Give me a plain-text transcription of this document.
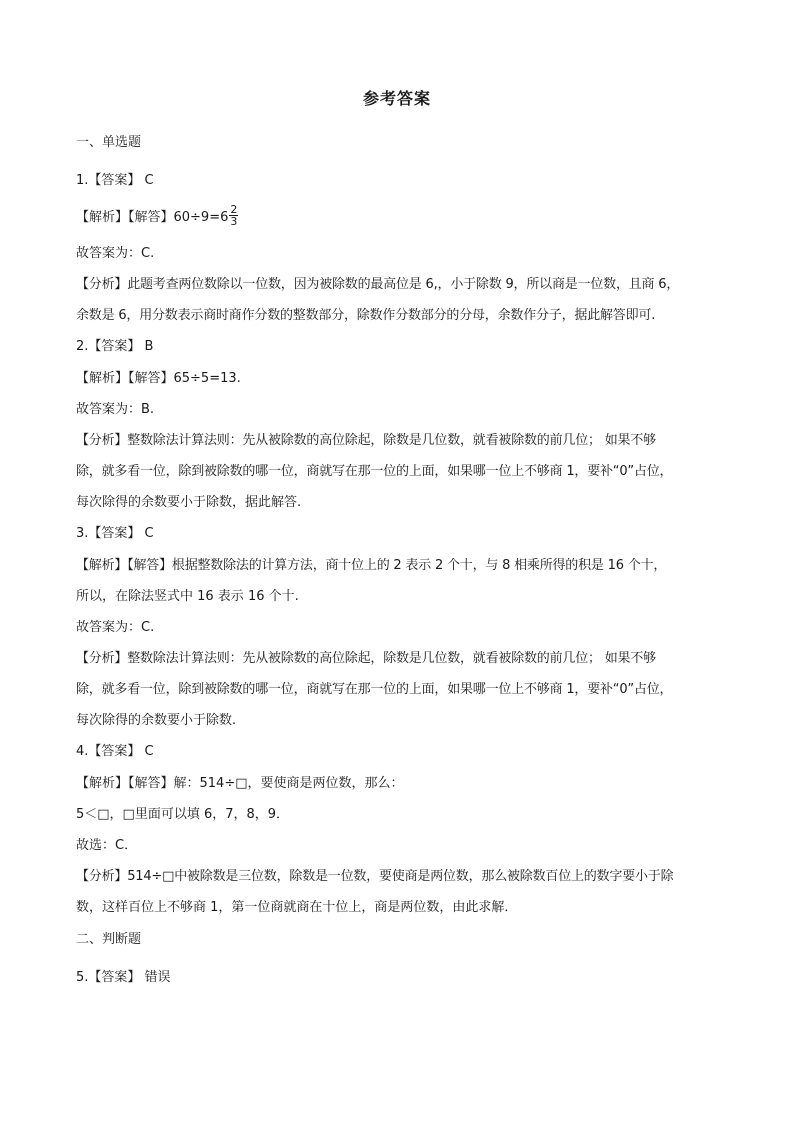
参考答案
一、单选题
1.【答案】 C
【解析】【解答】$60\div 9=6 \frac{2}{3}$
故答案为：C.
【分析】此题考查两位数除以一位数，因为被除数的最高位是 6,，小于除数 9，所以商是一位数，且商 6，
余数是 6，用分数表示商时商作分数的整数部分，除数作分数部分的分母，余数作分子，据此解答即可.
2.【答案】 B
【解析】【解答】65÷5=13.
故答案为：B.
【分析】整数除法计算法则：先从被除数的高位除起，除数是几位数，就看被除数的前几位； 如果不够
除，就多看一位，除到被除数的哪一位，商就写在那一位的上面，如果哪一位上不够商 1，要补“0”占位，
每次除得的余数要小于除数，据此解答.
3.【答案】 C
【解析】【解答】根据整数除法的计算方法，商十位上的 2 表示 2 个十，与 8 相乘所得的积是 16 个十，
所以，在除法竖式中 16 表示 16 个十.
故答案为：C.
【分析】整数除法计算法则：先从被除数的高位除起，除数是几位数，就看被除数的前几位； 如果不够
除，就多看一位，除到被除数的哪一位，商就写在那一位的上面，如果哪一位上不够商 1，要补“0”占位，
每次除得的余数要小于除数.
4.【答案】 C
【解析】【解答】解：514÷□，要使商是两位数，那么：
5＜□，□里面可以填 6，7，8，9．
故选：C．
【分析】514÷□中被除数是三位数，除数是一位数，要使商是两位数，那么被除数百位上的数字要小于除
数，这样百位上不够商 1，第一位商就商在十位上，商是两位数，由此求解．
二、判断题
5.【答案】 错误
